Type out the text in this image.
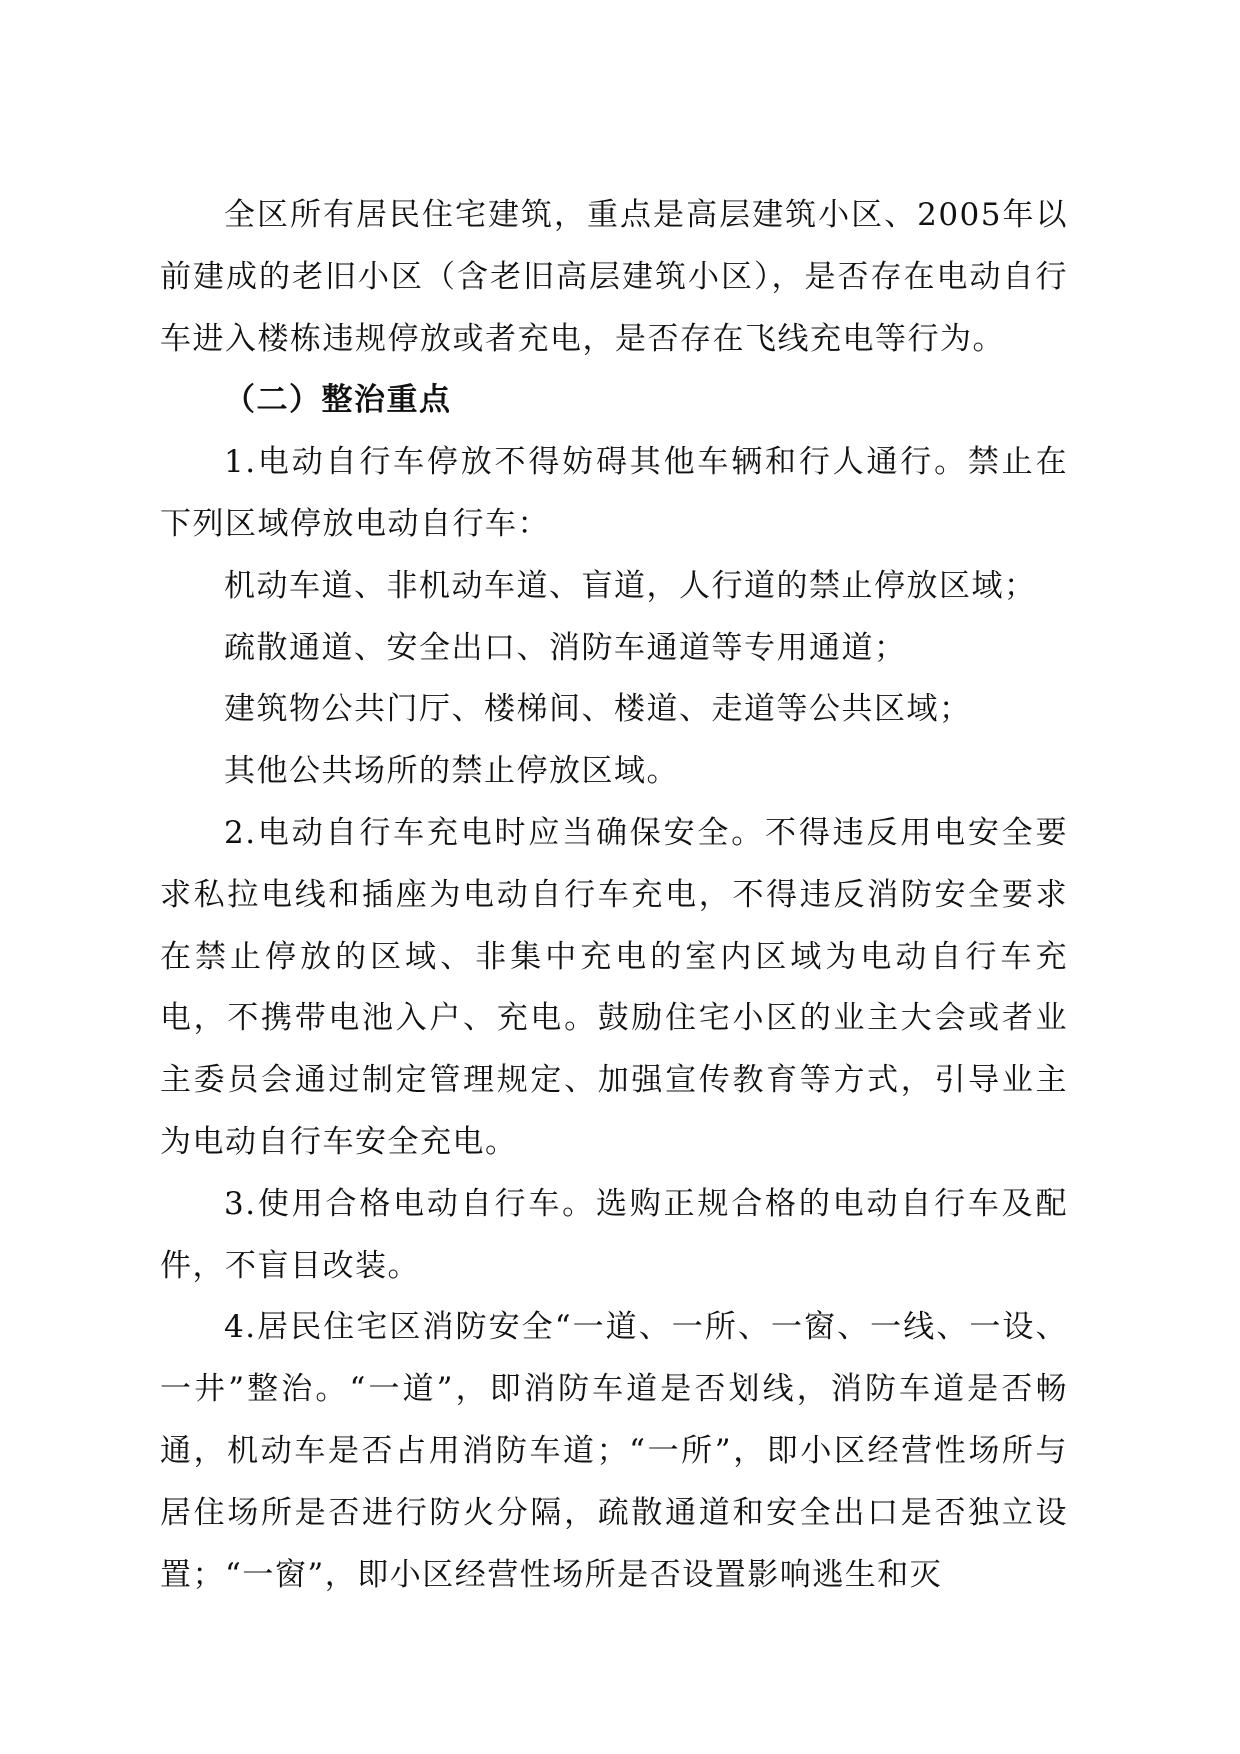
全区所有居民住宅建筑，重点是高层建筑小区、2005年以前建成的老旧小区（含老旧高层建筑小区），是否存在电动自行车进入楼栋违规停放或者充电，是否存在飞线充电等行为。

（二）整治重点

1.电动自行车停放不得妨碍其他车辆和行人通行。禁止在下列区域停放电动自行车：

机动车道、非机动车道、盲道，人行道的禁止停放区域；

疏散通道、安全出口、消防车通道等专用通道；

建筑物公共门厅、楼梯间、楼道、走道等公共区域；

其他公共场所的禁止停放区域。

2.电动自行车充电时应当确保安全。不得违反用电安全要求私拉电线和插座为电动自行车充电，不得违反消防安全要求在禁止停放的区域、非集中充电的室内区域为电动自行车充电，不携带电池入户、充电。鼓励住宅小区的业主大会或者业主委员会通过制定管理规定、加强宣传教育等方式，引导业主为电动自行车安全充电。

3.使用合格电动自行车。选购正规合格的电动自行车及配件，不盲目改装。

4.居民住宅区消防安全“一道、一所、一窗、一线、一设、一井”整治。“一道”，即消防车道是否划线，消防车道是否畅通，机动车是否占用消防车道；“一所”，即小区经营性场所与居住场所是否进行防火分隔，疏散通道和安全出口是否独立设置；“一窗”，即小区经营性场所是否设置影响逃生和灭
